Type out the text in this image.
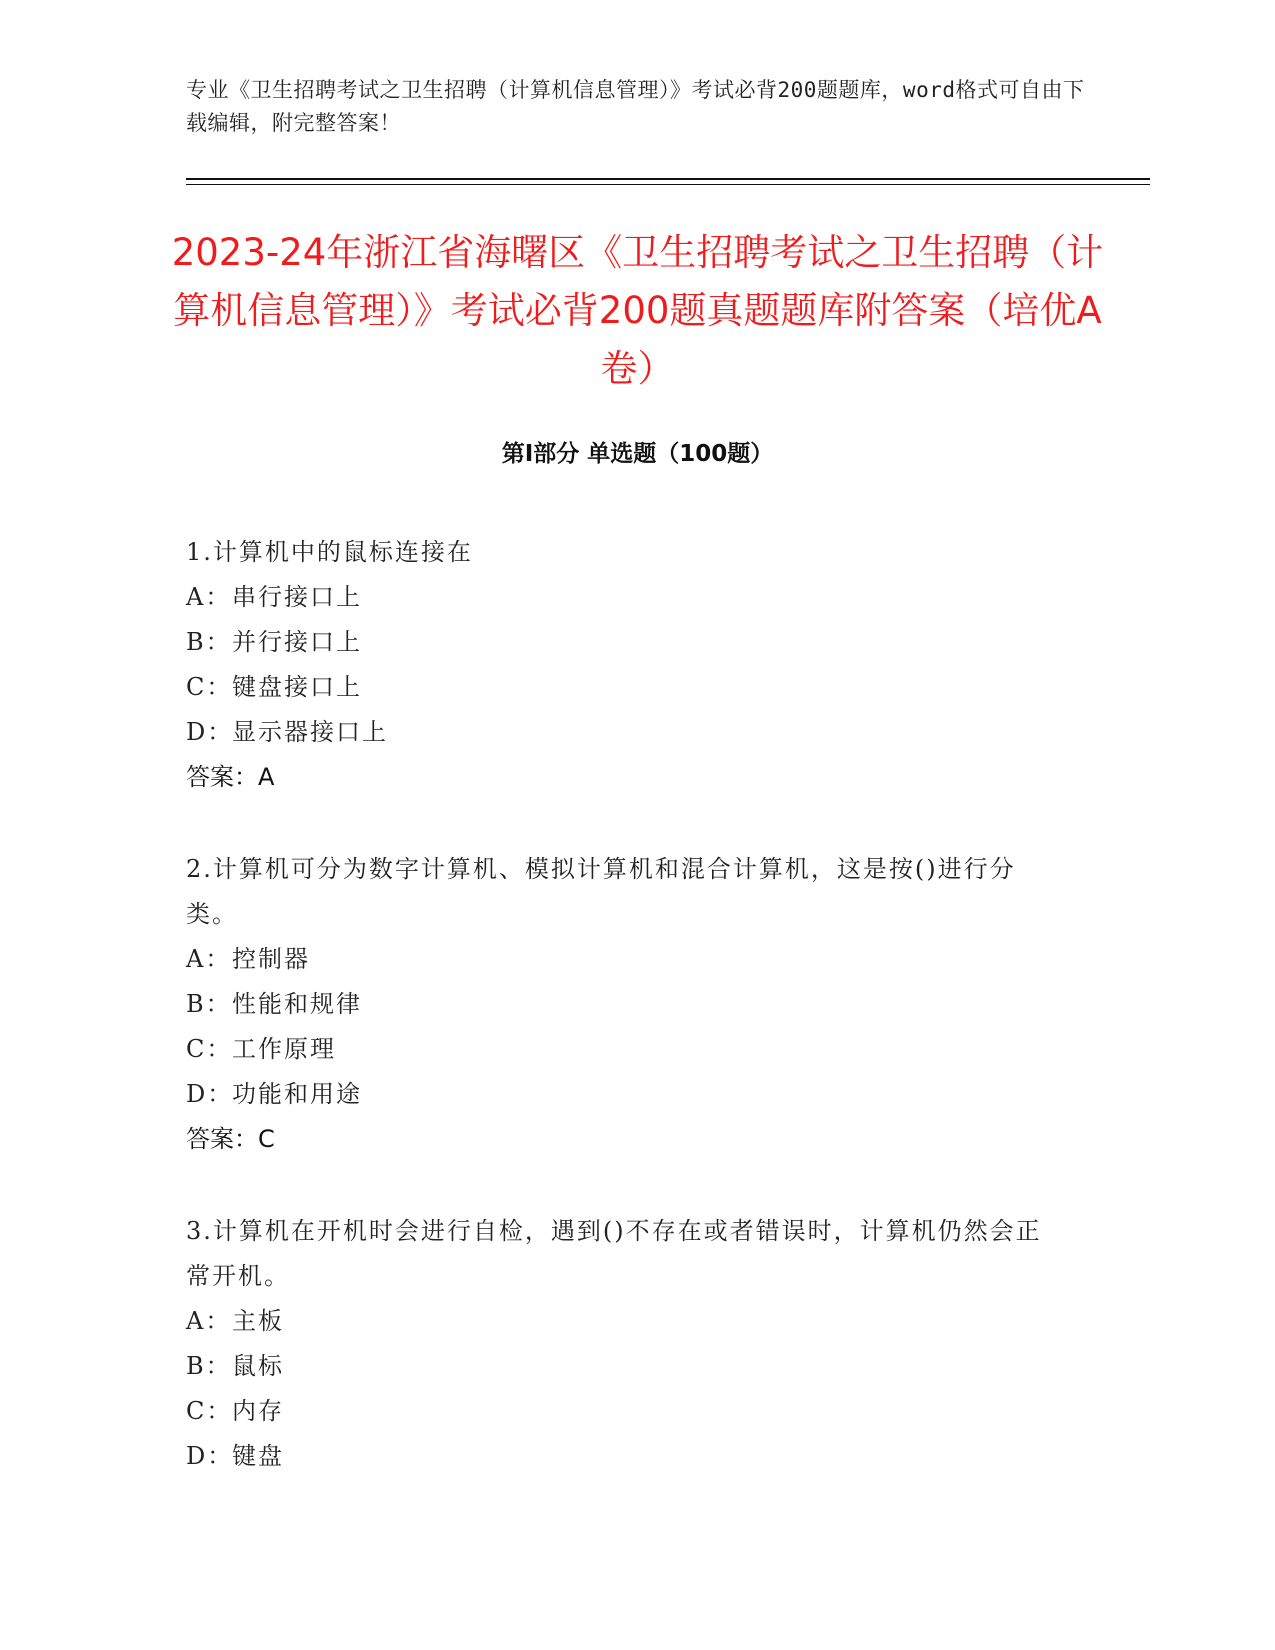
专业《卫生招聘考试之卫生招聘（计算机信息管理）》考试必背200题题库，word格式可自由下载编辑，附完整答案！
2023-24年浙江省海曙区《卫生招聘考试之卫生招聘（计算机信息管理）》考试必背200题真题题库附答案（培优A卷）
第Ⅰ部分 单选题（100题）
1.计算机中的鼠标连接在
A：串行接口上
B：并行接口上
C：键盘接口上
D：显示器接口上
答案：A
2.计算机可分为数字计算机、模拟计算机和混合计算机，这是按()进行分类。
A：控制器
B：性能和规律
C：工作原理
D：功能和用途
答案：C
3.计算机在开机时会进行自检，遇到()不存在或者错误时，计算机仍然会正常开机。
A：主板
B：鼠标
C：内存
D：键盘
